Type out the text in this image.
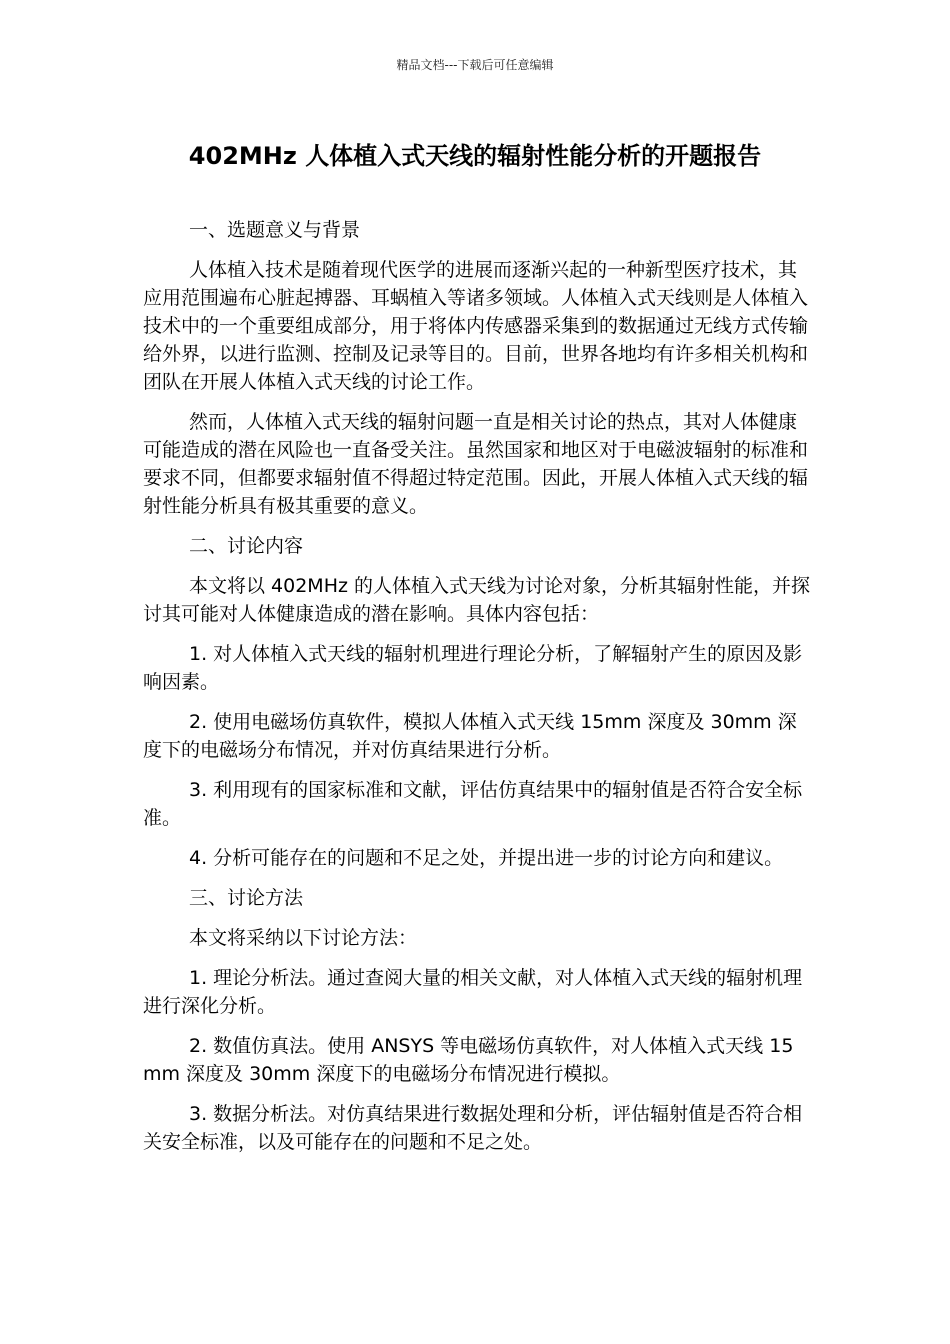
精品文档---下载后可任意编辑
402MHz 人体植入式天线的辐射性能分析的开题报告

一、选题意义与背景

人体植入技术是随着现代医学的进展而逐渐兴起的一种新型医疗技术，其应用范围遍布心脏起搏器、耳蜗植入等诸多领域。人体植入式天线则是人体植入技术中的一个重要组成部分，用于将体内传感器采集到的数据通过无线方式传输给外界，以进行监测、控制及记录等目的。目前，世界各地均有许多相关机构和团队在开展人体植入式天线的讨论工作。

然而，人体植入式天线的辐射问题一直是相关讨论的热点，其对人体健康可能造成的潜在风险也一直备受关注。虽然国家和地区对于电磁波辐射的标准和要求不同，但都要求辐射值不得超过特定范围。因此，开展人体植入式天线的辐射性能分析具有极其重要的意义。

二、讨论内容

本文将以 402MHz 的人体植入式天线为讨论对象，分析其辐射性能，并探讨其可能对人体健康造成的潜在影响。具体内容包括：

1. 对人体植入式天线的辐射机理进行理论分析，了解辐射产生的原因及影响因素。

2. 使用电磁场仿真软件，模拟人体植入式天线 15mm 深度及 30mm 深度下的电磁场分布情况，并对仿真结果进行分析。

3. 利用现有的国家标准和文献，评估仿真结果中的辐射值是否符合安全标准。

4. 分析可能存在的问题和不足之处，并提出进一步的讨论方向和建议。

三、讨论方法

本文将采纳以下讨论方法：

1. 理论分析法。通过查阅大量的相关文献，对人体植入式天线的辐射机理进行深化分析。

2. 数值仿真法。使用 ANSYS 等电磁场仿真软件，对人体植入式天线 15mm 深度及 30mm 深度下的电磁场分布情况进行模拟。

3. 数据分析法。对仿真结果进行数据处理和分析，评估辐射值是否符合相关安全标准，以及可能存在的问题和不足之处。
